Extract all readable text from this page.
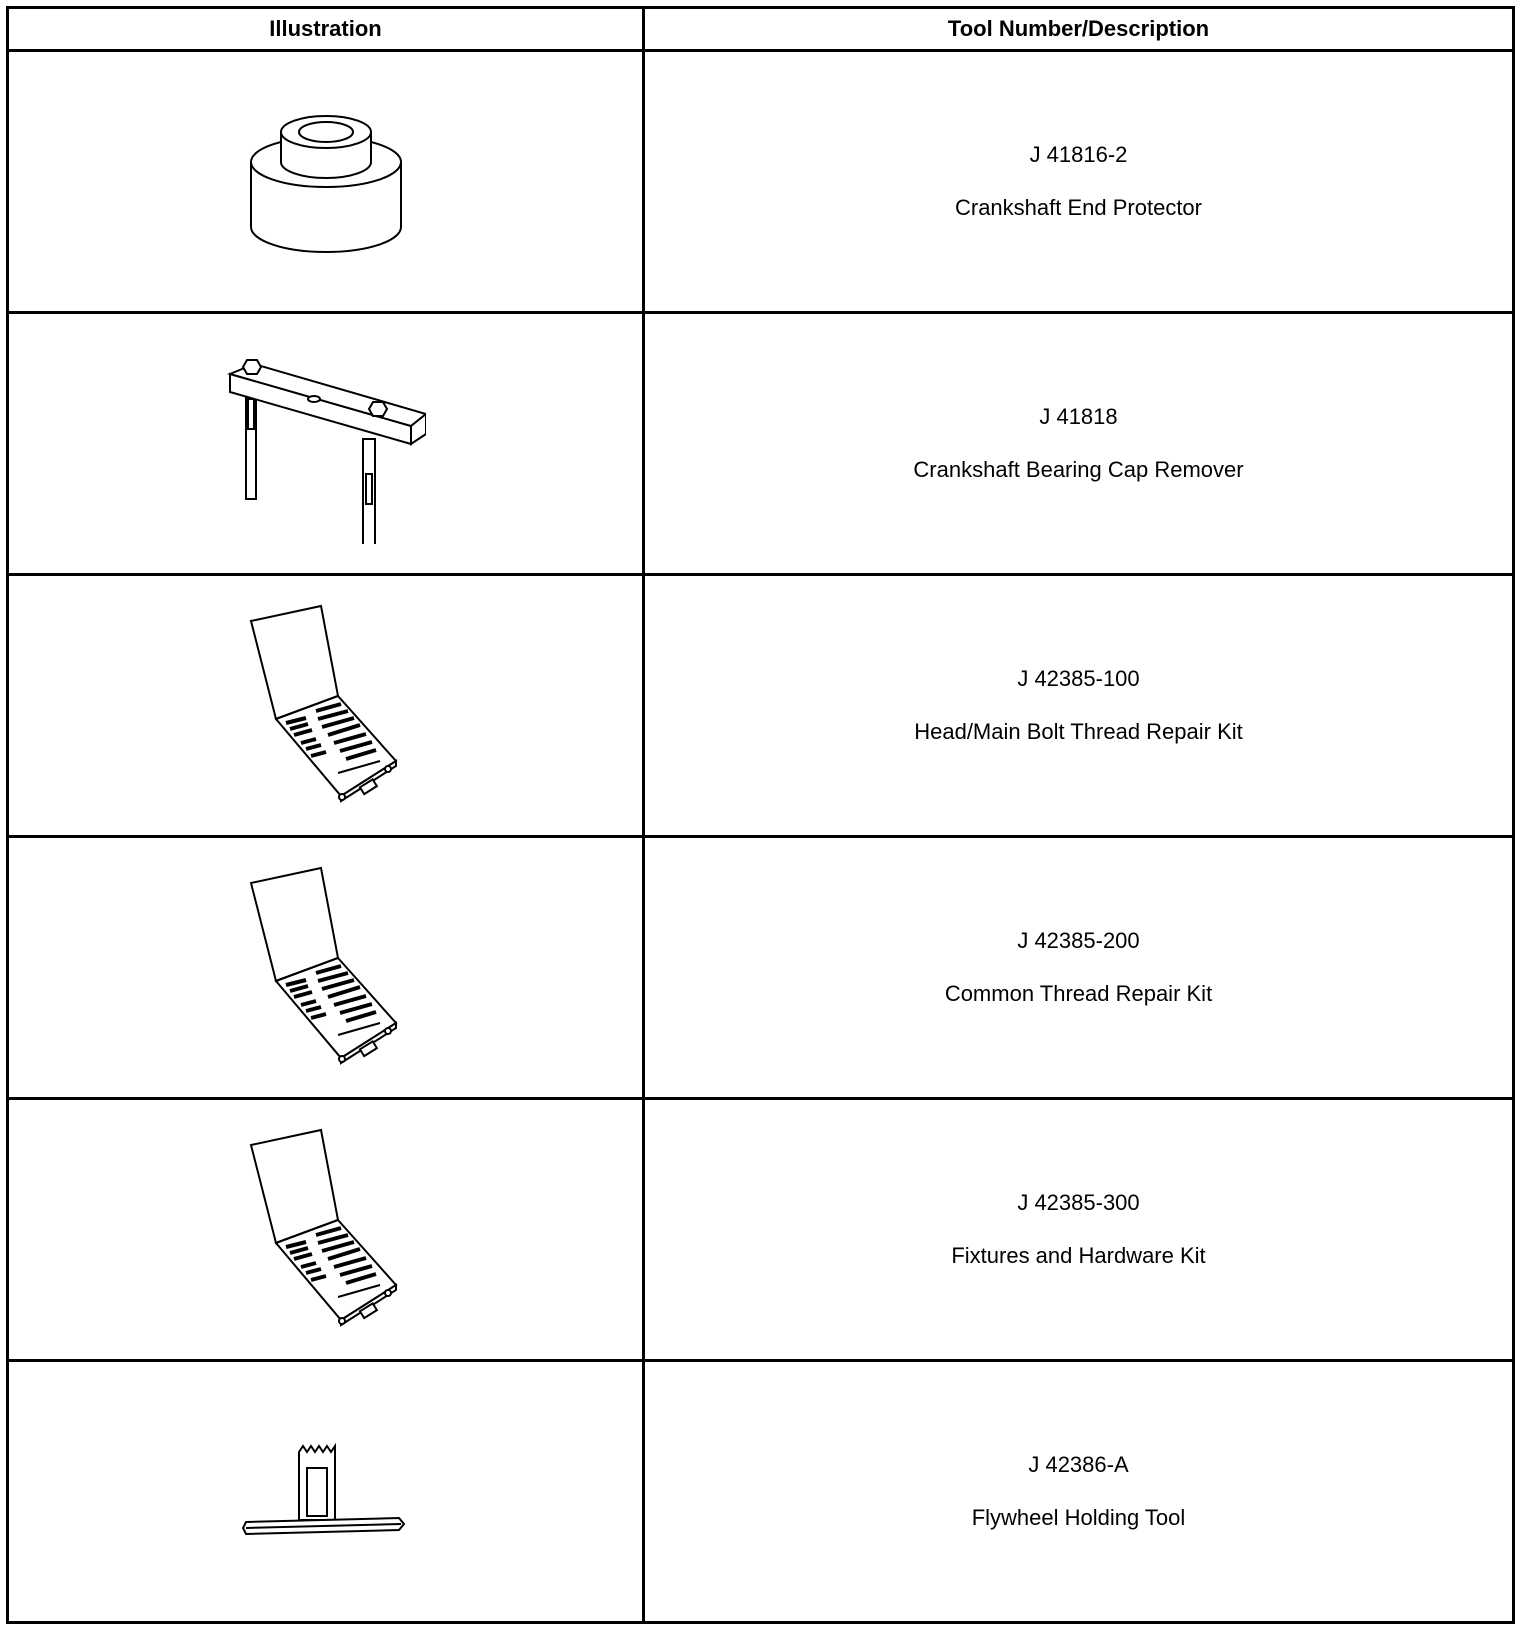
Illustration	Tool Number/Description

J 41816-2
Crankshaft End Protector

J 41818
Crankshaft Bearing Cap Remover

J 42385-100
Head/Main Bolt Thread Repair Kit

J 42385-200
Common Thread Repair Kit

J 42385-300
Fixtures and Hardware Kit

J 42386-A
Flywheel Holding Tool
